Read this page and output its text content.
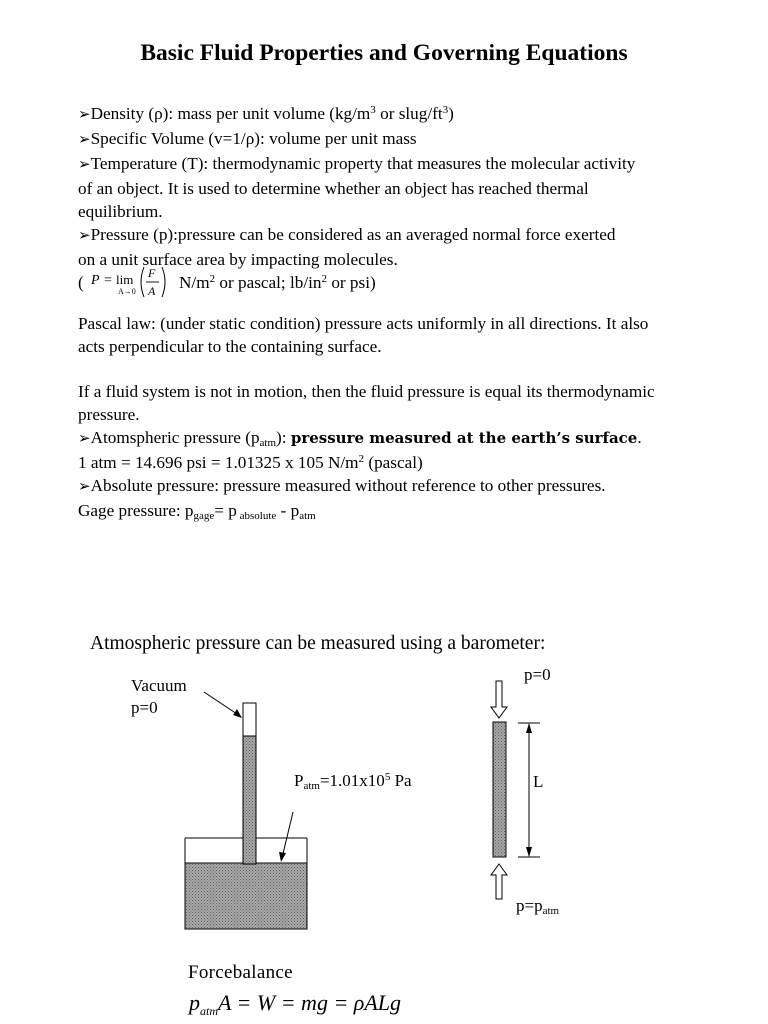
Basic Fluid Properties and Governing Equations
➢Density (ρ): mass per unit volume ($kg/m^3$ or slug/$ft^3$)
➢Specific Volume (v=1/ρ): volume per unit mass
➢Temperature (T): thermodynamic property that measures the molecular activity
of an object. It is used to determine whether an object has reached thermal
equilibrium.
➢Pressure (p):pressure can be considered as an averaged normal force exerted
on a unit surface area by impacting molecules.
( P = lim
A→0
F
A $N/m^2$ or pascal; $lb/in^2$ or psi)
Pascal law: (under static condition) pressure acts uniformly in all directions. It also
acts perpendicular to the containing surface.
If a fluid system is not in motion, then the fluid pressure is equal its thermodynamic
pressure.
➢Atomspheric pressure $(p_{atm})$: pressure measured at the earth’s surface.
1 atm = 14.696 psi = 1.01325 x 105 $N/m^2$ (pascal)
➢Absolute pressure: pressure measured without reference to other pressures.
Gage pressure: $p_{gage}= p$ $_{absolute} - p_{atm}$
Atmospheric pressure can be measured using a barometer:
Vacuum
p=0
p=0
$P_{atm}=1.01x10^5$ Pa	L
$p=p_{atm}$
Forcebalance
$p_{atm}A = W$ = mg = ρALg
